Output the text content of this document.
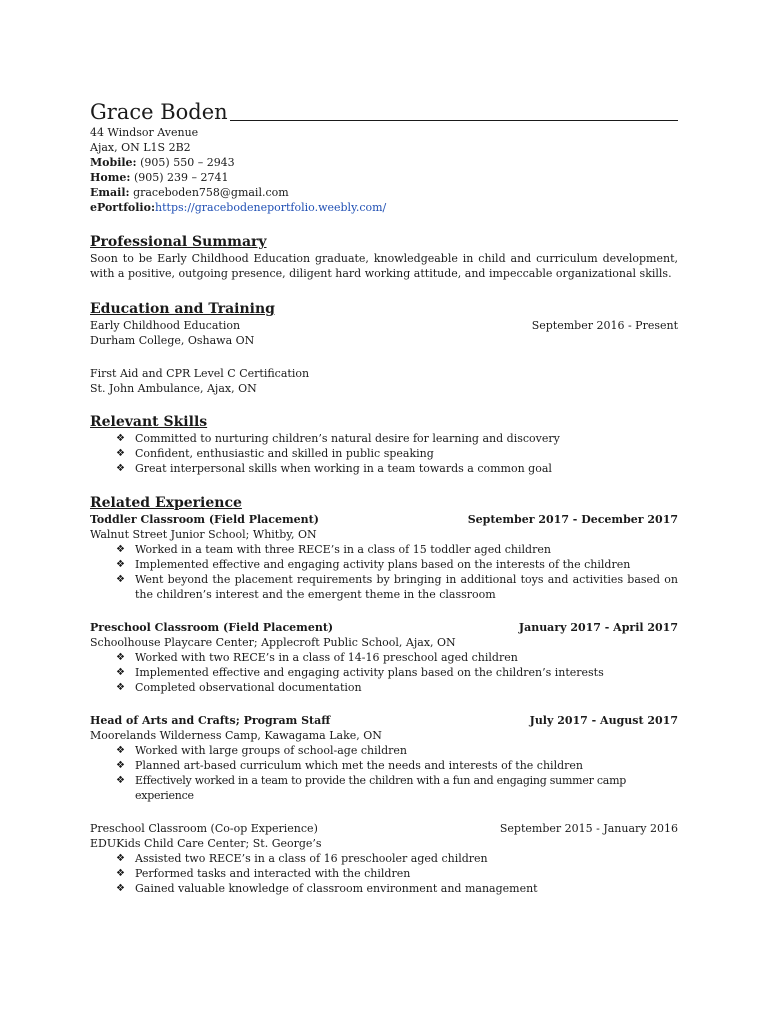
Grace Boden
44 Windsor Avenue
Ajax, ON L1S 2B2
Mobile: (905) 550 – 2943
Home: (905) 239 – 2741
Email: graceboden758@gmail.com
ePortfolio:https://gracebodeneportfolio.weebly.com/
Professional Summary
Soon to be Early Childhood Education graduate, knowledgeable in child and curriculum development, with a positive, outgoing presence, diligent hard working attitude, and impeccable organizational skills.
Education and Training
Early Childhood Education	September 2016 - Present
Durham College, Oshawa ON
First Aid and CPR Level C Certification
St. John Ambulance, Ajax, ON
Relevant Skills
❖ Committed to nurturing children’s natural desire for learning and discovery
❖ Confident, enthusiastic and skilled in public speaking
❖ Great interpersonal skills when working in a team towards a common goal
Related Experience
Toddler Classroom (Field Placement)	September 2017 - December 2017
Walnut Street Junior School; Whitby, ON
❖ Worked in a team with three RECE’s in a class of 15 toddler aged children
❖ Implemented effective and engaging activity plans based on the interests of the children
❖ Went beyond the placement requirements by bringing in additional toys and activities based on the children’s interest and the emergent theme in the classroom
Preschool Classroom (Field Placement)	January 2017 - April 2017
Schoolhouse Playcare Center; Applecroft Public School, Ajax, ON
❖ Worked with two RECE’s in a class of 14-16 preschool aged children
❖ Implemented effective and engaging activity plans based on the children’s interests
❖ Completed observational documentation
Head of Arts and Crafts; Program Staff	July 2017 - August 2017
Moorelands Wilderness Camp, Kawagama Lake, ON
❖ Worked with large groups of school-age children
❖ Planned art-based curriculum which met the needs and interests of the children
❖ Effectively worked in a team to provide the children with a fun and engaging summer camp experience
Preschool Classroom (Co-op Experience)	September 2015 - January 2016
EDUKids Child Care Center; St. George’s
❖ Assisted two RECE’s in a class of 16 preschooler aged children
❖ Performed tasks and interacted with the children
❖ Gained valuable knowledge of classroom environment and management
